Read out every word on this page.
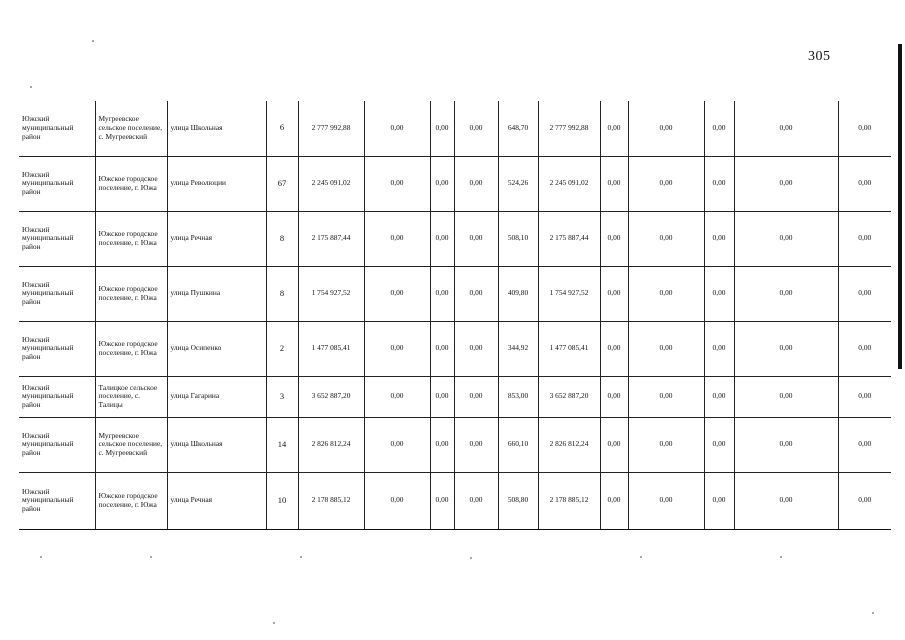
305
Южский муниципальный район	Мугреевское сельское поселение, с. Мугреевский	улица Школьная	6	2 777 992,88	0,00	0,00	0,00	648,70	2 777 992,88	0,00	0,00	0,00	0,00	0,00
Южский муниципальный район	Южское городское поселение, г. Южа	улица Революции	67	2 245 091,02	0,00	0,00	0,00	524,26	2 245 091,02	0,00	0,00	0,00	0,00	0,00
Южский муниципальный район	Южское городское поселение, г. Южа	улица Речная	8	2 175 887,44	0,00	0,00	0,00	508,10	2 175 887,44	0,00	0,00	0,00	0,00	0,00
Южский муниципальный район	Южское городское поселение, г. Южа	улица Пушкина	8	1 754 927,52	0,00	0,00	0,00	409,80	1 754 927,52	0,00	0,00	0,00	0,00	0,00
Южский муниципальный район	Южское городское поселение, г. Южа	улица Осипенко	2	1 477 085,41	0,00	0,00	0,00	344,92	1 477 085,41	0,00	0,00	0,00	0,00	0,00
Южский муниципальный район	Талицкое сельское поселение, с. Талицы	улица Гагарина	3	3 652 887,20	0,00	0,00	0,00	853,00	3 652 887,20	0,00	0,00	0,00	0,00	0,00
Южский муниципальный район	Мугреевское сельское поселение, с. Мугреевский	улица Школьная	14	2 826 812,24	0,00	0,00	0,00	660,10	2 826 812,24	0,00	0,00	0,00	0,00	0,00
Южский муниципальный район	Южское городское поселение, г. Южа	улица Речная	10	2 178 885,12	0,00	0,00	0,00	508,80	2 178 885,12	0,00	0,00	0,00	0,00	0,00
